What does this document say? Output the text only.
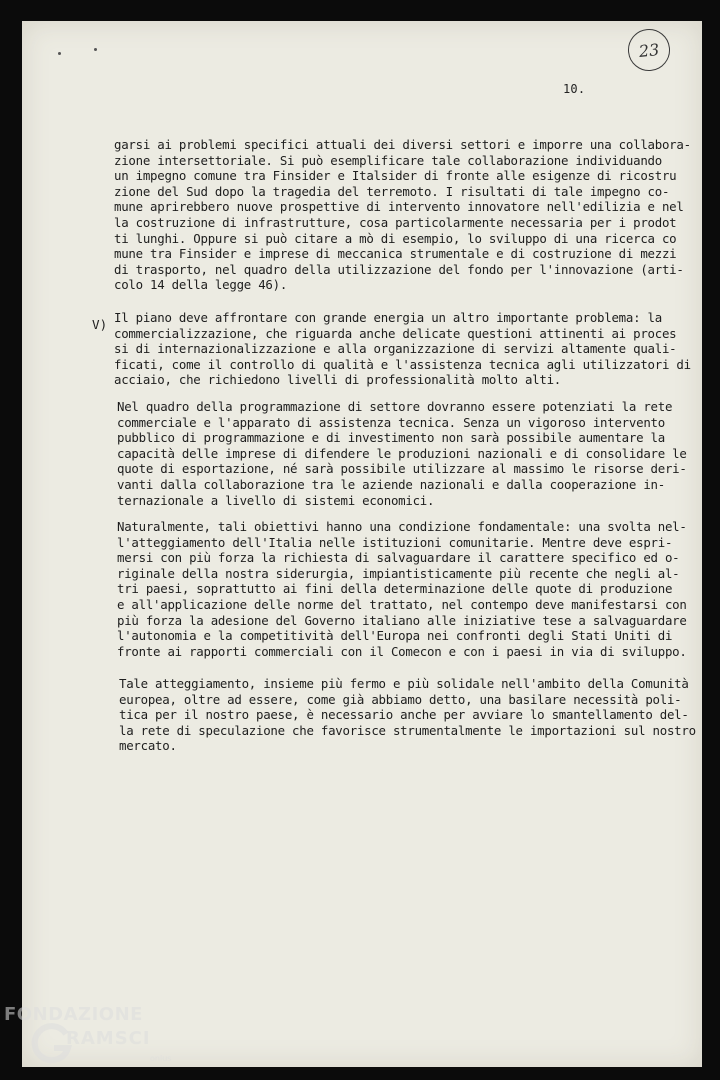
23
10.

garsi ai problemi specifici attuali dei diversi settori e imporre una collabora-
zione intersettoriale. Si può esemplificare tale collaborazione individuando
un impegno comune tra Finsider e Italsider di fronte alle esigenze di ricostru
zione del Sud dopo la tragedia del terremoto. I risultati di tale impegno co-
mune aprirebbero nuove prospettive di intervento innovatore nell'edilizia e nel
la costruzione di infrastrutture, cosa particolarmente necessaria per i prodot
ti lunghi. Oppure si può citare a mò di esempio, lo sviluppo di una ricerca co
mune tra Finsider e imprese di meccanica strumentale e di costruzione di mezzi
di trasporto, nel quadro della utilizzazione del fondo per l'innovazione (arti-
colo 14 della legge 46).

V) Il piano deve affrontare con grande energia un altro importante problema: la
commercializzazione, che riguarda anche delicate questioni attinenti ai proces
si di internazionalizzazione e alla organizzazione di servizi altamente quali-
ficati, come il controllo di qualità e l'assistenza tecnica agli utilizzatori di
acciaio, che richiedono livelli di professionalità molto alti.

Nel quadro della programmazione di settore dovranno essere potenziati la rete
commerciale e l'apparato di assistenza tecnica. Senza un vigoroso intervento
pubblico di programmazione e di investimento non sarà possibile aumentare la
capacità delle imprese di difendere le produzioni nazionali e di consolidare le
quote di esportazione, né sarà possibile utilizzare al massimo le risorse deri-
vanti dalla collaborazione tra le aziende nazionali e dalla cooperazione in-
ternazionale a livello di sistemi economici.

Naturalmente, tali obiettivi hanno una condizione fondamentale: una svolta nel-
l'atteggiamento dell'Italia nelle istituzioni comunitarie. Mentre deve espri-
mersi con più forza la richiesta di salvaguardare il carattere specifico ed o-
riginale della nostra siderurgia, impiantisticamente più recente che negli al-
tri paesi, soprattutto ai fini della determinazione delle quote di produzione
e all'applicazione delle norme del trattato, nel contempo deve manifestarsi con
più forza la adesione del Governo italiano alle iniziative tese a salvaguardare
l'autonomia e la competitività dell'Europa nei confronti degli Stati Uniti di
fronte ai rapporti commerciali con il Comecon e con i paesi in via di sviluppo.

Tale atteggiamento, insieme più fermo e più solidale nell'ambito della Comunità
europea, oltre ad essere, come già abbiamo detto, una basilare necessità poli-
tica per il nostro paese, è necessario anche per avviare lo smantellamento del-
la rete di speculazione che favorisce strumentalmente le importazioni sul nostro
mercato.

FONDAZIONE
RAMSCI
onlus
